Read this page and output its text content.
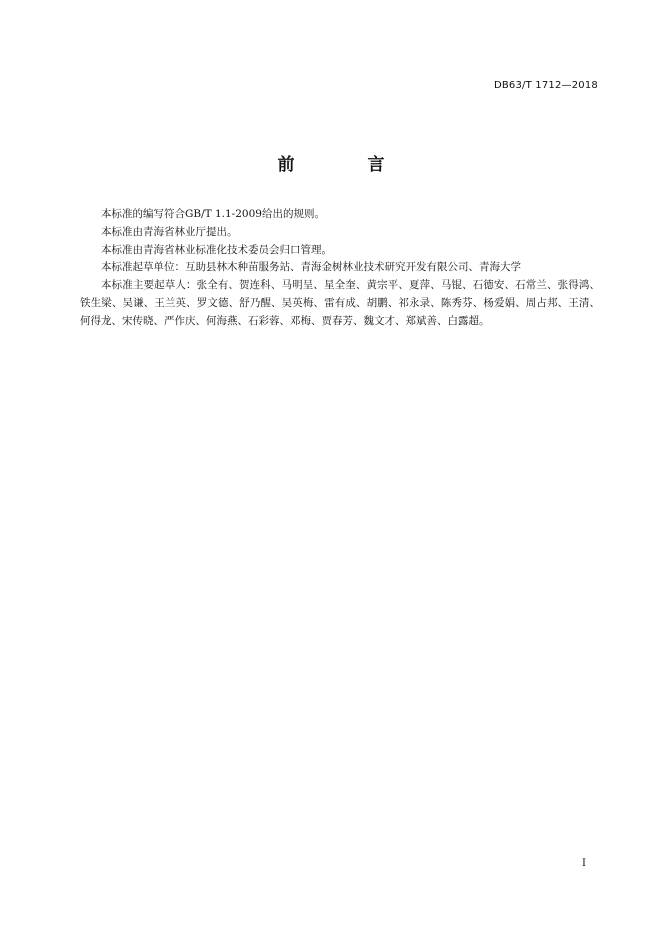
DB63/T 1712—2018
前　言

本标准的编写符合GB/T 1.1-2009给出的规则。

本标准由青海省林业厅提出。

本标准由青海省林业标准化技术委员会归口管理。

本标准起草单位：互助县林木种苗服务站、青海金树林业技术研究开发有限公司、青海大学

本标准主要起草人：张全有、贺连科、马明呈、星全奎、黄宗平、夏萍、马锟、石德安、石常兰、张得鸿、铁生梁、吴谦、王兰英、罗文德、舒乃醒、吴英梅、雷有成、胡鹏、祁永录、陈秀芬、杨爱娟、周占邦、王清、何得龙、宋传晓、严作庆、何海燕、石彩蓉、邓梅、贾春芳、魏文才、郑斌善、白露超。

I
